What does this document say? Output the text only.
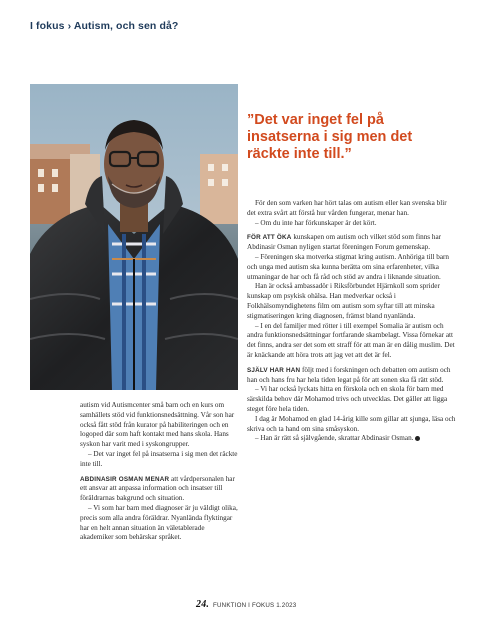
I fokus › Autism, och sen då?
”Det var inget fel på insatserna i sig men det räckte inte till.”

autism vid Autismcenter små barn och en kurs om samhällets stöd vid funktionsnedsättning. Vår son har också fått stöd från kurator på habiliteringen och en logoped där som haft kontakt med hans skola. Hans syskon har varit med i syskongrupper.

– Det var inget fel på insatserna i sig men det räckte inte till.

ABDINASIR OSMAN MENAR att vårdpersonalen har ett ansvar att anpassa information och insatser till föräldrarnas bakgrund och situation.

– Vi som har barn med diagnoser är ju väldigt olika, precis som alla andra föräldrar. Nyanlända flyktingar har en helt annan situation än väletablerade akademiker som behärskar språket.

För den som varken har hört talas om autism eller kan svenska blir det extra svårt att förstå hur vården fungerar, menar han.

– Om du inte har förkunskaper är det kört.

FÖR ATT ÖKA kunskapen om autism och vilket stöd som finns har Abdinasir Osman nyligen startat föreningen Forum gemenskap.

– Föreningen ska motverka stigmat kring autism. Anhöriga till barn och unga med autism ska kunna berätta om sina erfarenheter, vilka utmaningar de har och få råd och stöd av andra i liknande situation.

Han är också ambassadör i Riksförbundet Hjärnkoll som sprider kunskap om psykisk ohälsa. Han medverkar också i Folkhälsomyndighetens film om autism som syftar till att minska stigmatiseringen kring diagnosen, främst bland nyanlända.

– I en del familjer med rötter i till exempel Somalia är autism och andra funktionsnedsättningar fortfarande skambelagt. Vissa förnekar att det finns, andra ser det som ett straff för att man är en dålig muslim. Det är knäckande att höra trots att jag vet att det är fel.

SJÄLV HAR HAN följt med i forskningen och debatten om autism och han och hans fru har hela tiden legat på för att sonen ska få rätt stöd.

– Vi har också lyckats hitta en förskola och en skola för barn med särskilda behov där Mohamod trivs och utvecklas. Det gäller att ligga steget före hela tiden.

I dag är Mohamod en glad 14-årig kille som gillar att sjunga, läsa och skriva och ta hand om sina småsyskon.

– Han är rätt så självgående, skrattar Abdinasir Osman.

24. FUNKTION I FOKUS 1.2023
